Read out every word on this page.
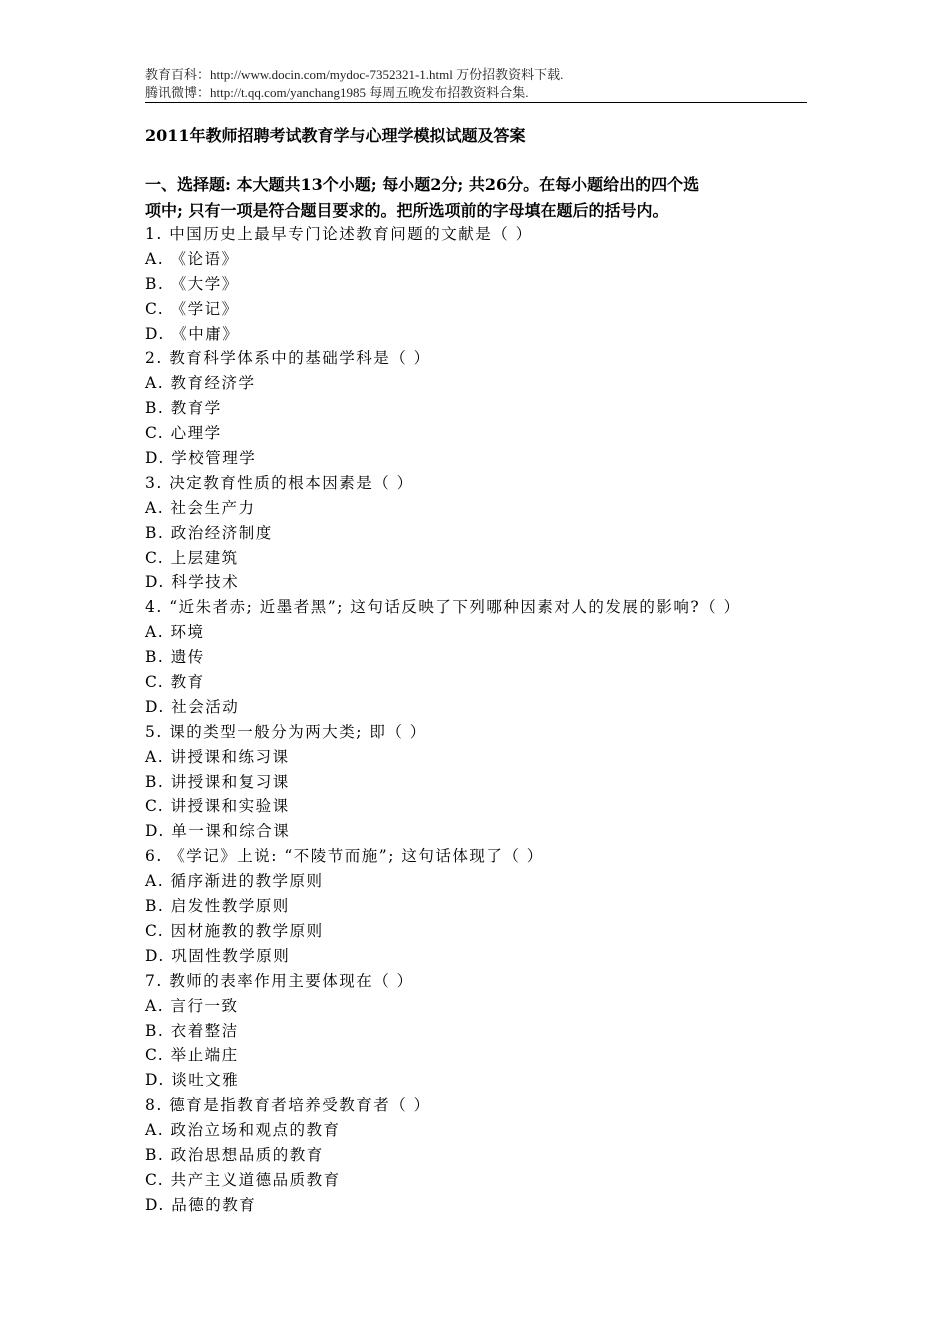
教育百科：http://www.docin.com/mydoc-7352321-1.html 万份招教资料下载.
腾讯微博：http://t.qq.com/yanchang1985 每周五晚发布招教资料合集.
2011年教师招聘考试教育学与心理学模拟试题及答案
一、选择题: 本大题共13个小题; 每小题2分; 共26分。在每小题给出的四个选
项中; 只有一项是符合题目要求的。把所选项前的字母填在题后的括号内。
1. 中国历史上最早专门论述教育问题的文献是（ ）
A. 《论语》
B. 《大学》
C. 《学记》
D. 《中庸》
2. 教育科学体系中的基础学科是（ ）
A. 教育经济学
B. 教育学
C. 心理学
D. 学校管理学
3. 决定教育性质的根本因素是（ ）
A. 社会生产力
B. 政治经济制度
C. 上层建筑
D. 科学技术
4. “近朱者赤; 近墨者黑”; 这句话反映了下列哪种因素对人的发展的影响?（ ）
A. 环境
B. 遗传
C. 教育
D. 社会活动
5. 课的类型一般分为两大类; 即（ ）
A. 讲授课和练习课
B. 讲授课和复习课
C. 讲授课和实验课
D. 单一课和综合课
6. 《学记》上说: “不陵节而施”; 这句话体现了（ ）
A. 循序渐进的教学原则
B. 启发性教学原则
C. 因材施教的教学原则
D. 巩固性教学原则
7. 教师的表率作用主要体现在（ ）
A. 言行一致
B. 衣着整洁
C. 举止端庄
D. 谈吐文雅
8. 德育是指教育者培养受教育者（ ）
A. 政治立场和观点的教育
B. 政治思想品质的教育
C. 共产主义道德品质教育
D. 品德的教育
